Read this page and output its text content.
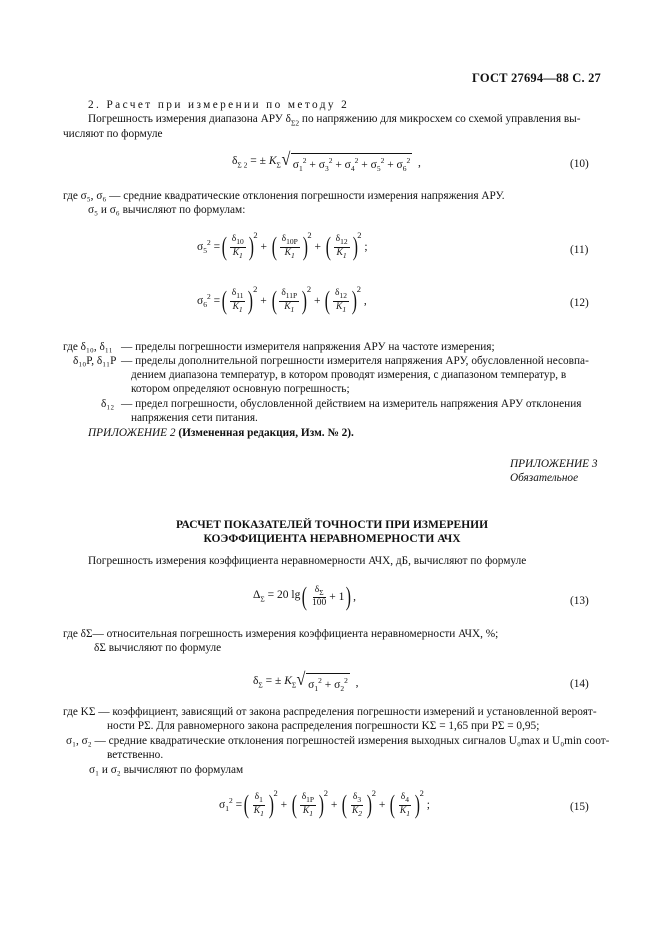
ГОСТ 27694—88 С. 27
2. Расчет при измерении по методу 2
Погрешность измерения диапазона АРУ $\delta_{\Sigma 2}$ по напряжению для микросхем со схемой управления вы-
числяют по формуле
$\delta_{\Sigma 2}$ = ± $K_\Sigma$ √ $\sigma_1^2 + \sigma_3^2 + \sigma_4^2 + \sigma_5^2 + \sigma_6^2$ ,	(10)
где σ₅, σ₆ — средние квадратические отклонения погрешности измерения напряжения АРУ.
σ₅ и σ₆ вычисляют по формулам:
$\sigma_5^2$ = ( $\frac{\delta_{10}}{K_1}$ ) 2
+ ( $\frac{\delta_{10P}}{K_1}$ ) 2
+ ( $\frac{\delta_{12}}{K_1}$ ) 2
;	(11)
$\sigma_6^2$ = ( $\frac{\delta_{11}}{K_1}$ ) 2
+ ( $\frac{\delta_{11P}}{K_1}$ ) 2
+ ( $\frac{\delta_{12}}{K_1}$ ) 2
,	(12)
где δ₁₀, δ₁₁ — пределы погрешности измерителя напряжения АРУ на частоте измерения;
δ₁₀P, δ₁₁P — пределы дополнительной погрешности измерителя напряжения АРУ, обусловленной несовпа-
дением диапазона температур, в котором проводят измерения, с диапазоном температур, в
котором определяют основную погрешность;
δ₁₂ — предел погрешности, обусловленной действием на измеритель напряжения АРУ отклонения
напряжения сети питания.
ПРИЛОЖЕНИЕ 2 (Измененная редакция, Изм. № 2).
ПРИЛОЖЕНИЕ 3
Обязательное
РАСЧЕТ ПОКАЗАТЕЛЕЙ ТОЧНОСТИ ПРИ ИЗМЕРЕНИИ
КОЭФФИЦИЕНТА НЕРАВНОМЕРНОСТИ АЧХ
Погрешность измерения коэффициента неравномерности АЧХ, дБ, вычисляют по формуле
$\Delta_\Sigma = 20$ lg ( $\frac{\delta_\Sigma}{100} + 1$ ) ,	(13)
где δΣ— относительная погрешность измерения коэффициента неравномерности АЧХ, %;
δΣ вычисляют по формуле
$\delta_\Sigma$ = ± $K_\Sigma$ √ $\sigma_1^2 + \sigma_2^2$ ,	(14)
где KΣ — коэффициент, зависящий от закона распределения погрешности измерений и установленной вероят-
ности PΣ. Для равномерного закона распределения погрешности KΣ = 1,65 при PΣ = 0,95;
σ₁, σ₂ — средние квадратические отклонения погрешностей измерения выходных сигналов U₀max и U₀min соот-
ветственно.
σ₁ и σ₂ вычисляют по формулам
$\sigma_1^2$ = ( $\frac{\delta_1}{K_1}$ ) 2
+ ( $\frac{\delta_{1P}}{K_1}$ ) 2
+ ( $\frac{\delta_3}{K_2}$ ) 2
+ ( $\frac{\delta_4}{K_1}$ ) 2
;	(15)
